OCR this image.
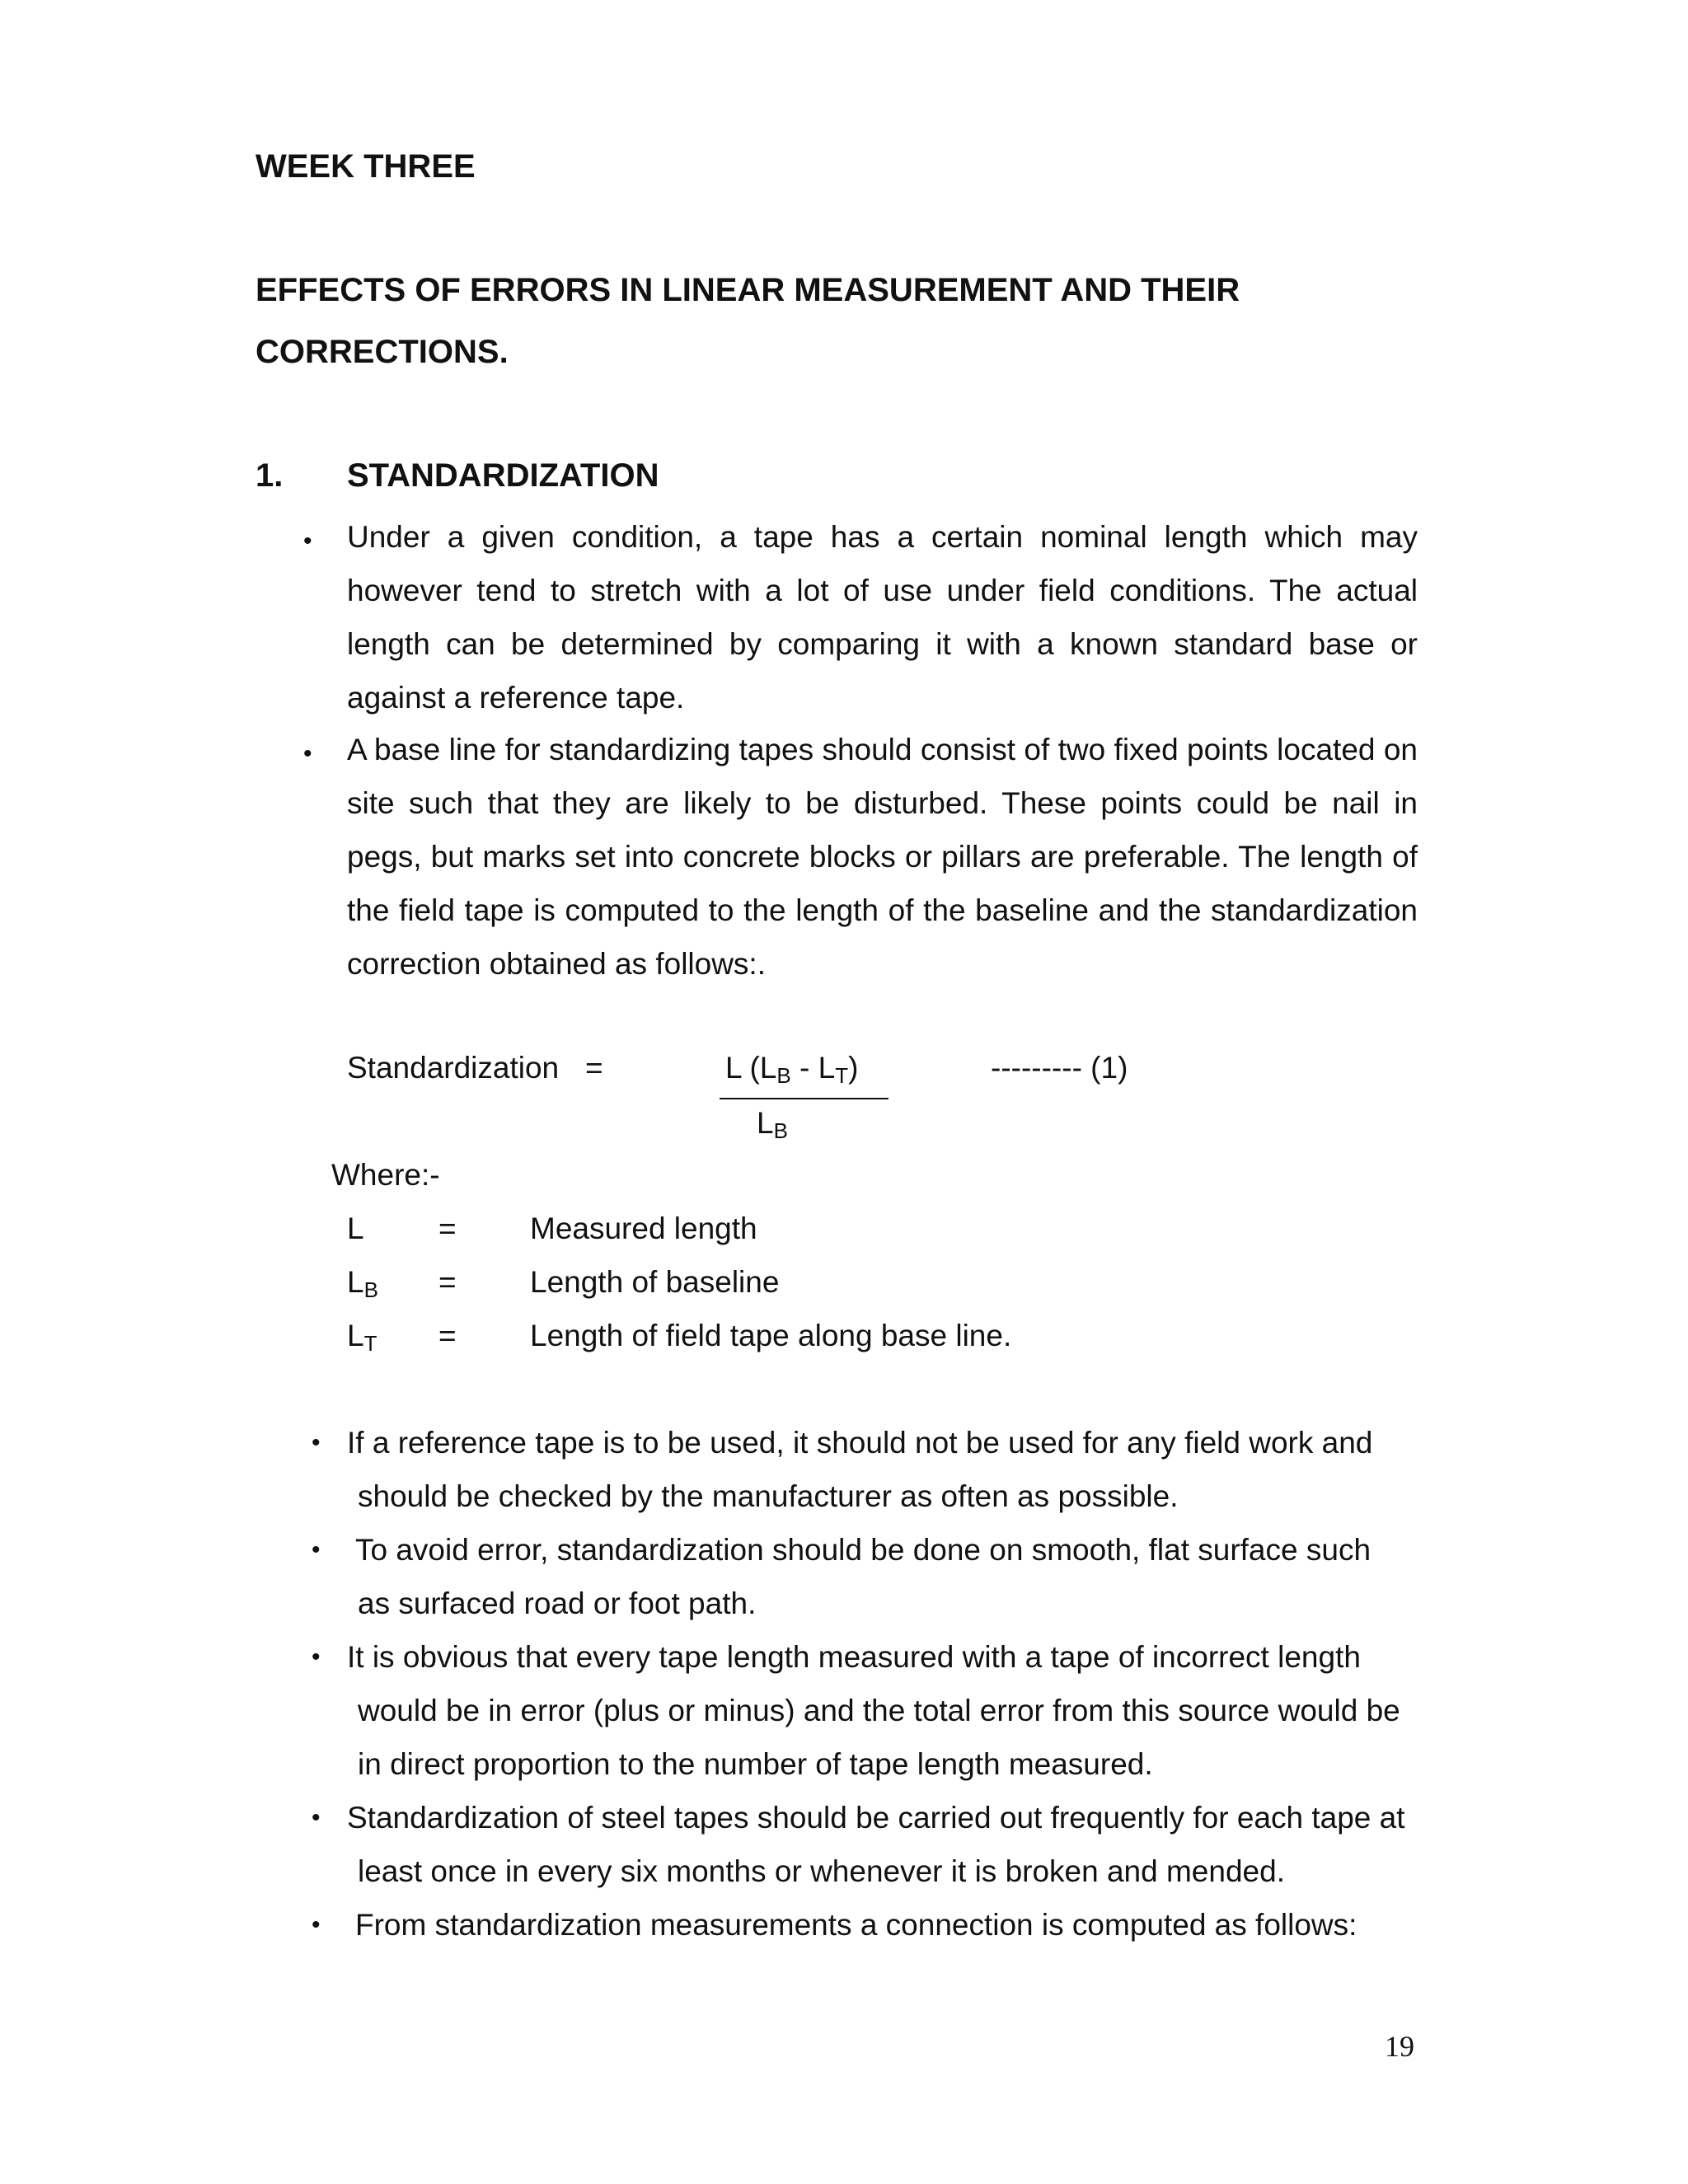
WEEK THREE
EFFECTS OF ERRORS IN LINEAR MEASUREMENT AND THEIR
CORRECTIONS.
1. STANDARDIZATION
• Under a given condition, a tape has a certain nominal length which may however tend to stretch with a lot of use under field conditions. The actual length can be determined by comparing it with a known standard base or against a reference tape.

• A base line for standardizing tapes should consist of two fixed points located on site such that they are likely to be disturbed. These points could be nail in pegs, but marks set into concrete blocks or pillars are preferable. The length of the field tape is computed to the length of the baseline and the standardization correction obtained as follows:.

Standardization =	L $(L_B - L_T)$
$L_B$
--------- (1)
Where:-
L = Measured length
$L_B$ = Length of baseline
$L_T$ = Length of field tape along base line.
• If a reference tape is to be used, it should not be used for any field work and
should be checked by the manufacturer as often as possible.
• To avoid error, standardization should be done on smooth, flat surface such
as surfaced road or foot path.
• It is obvious that every tape length measured with a tape of incorrect length
would be in error (plus or minus) and the total error from this source would be
in direct proportion to the number of tape length measured.
• Standardization of steel tapes should be carried out frequently for each tape at
least once in every six months or whenever it is broken and mended.
• From standardization measurements a connection is computed as follows:
19
